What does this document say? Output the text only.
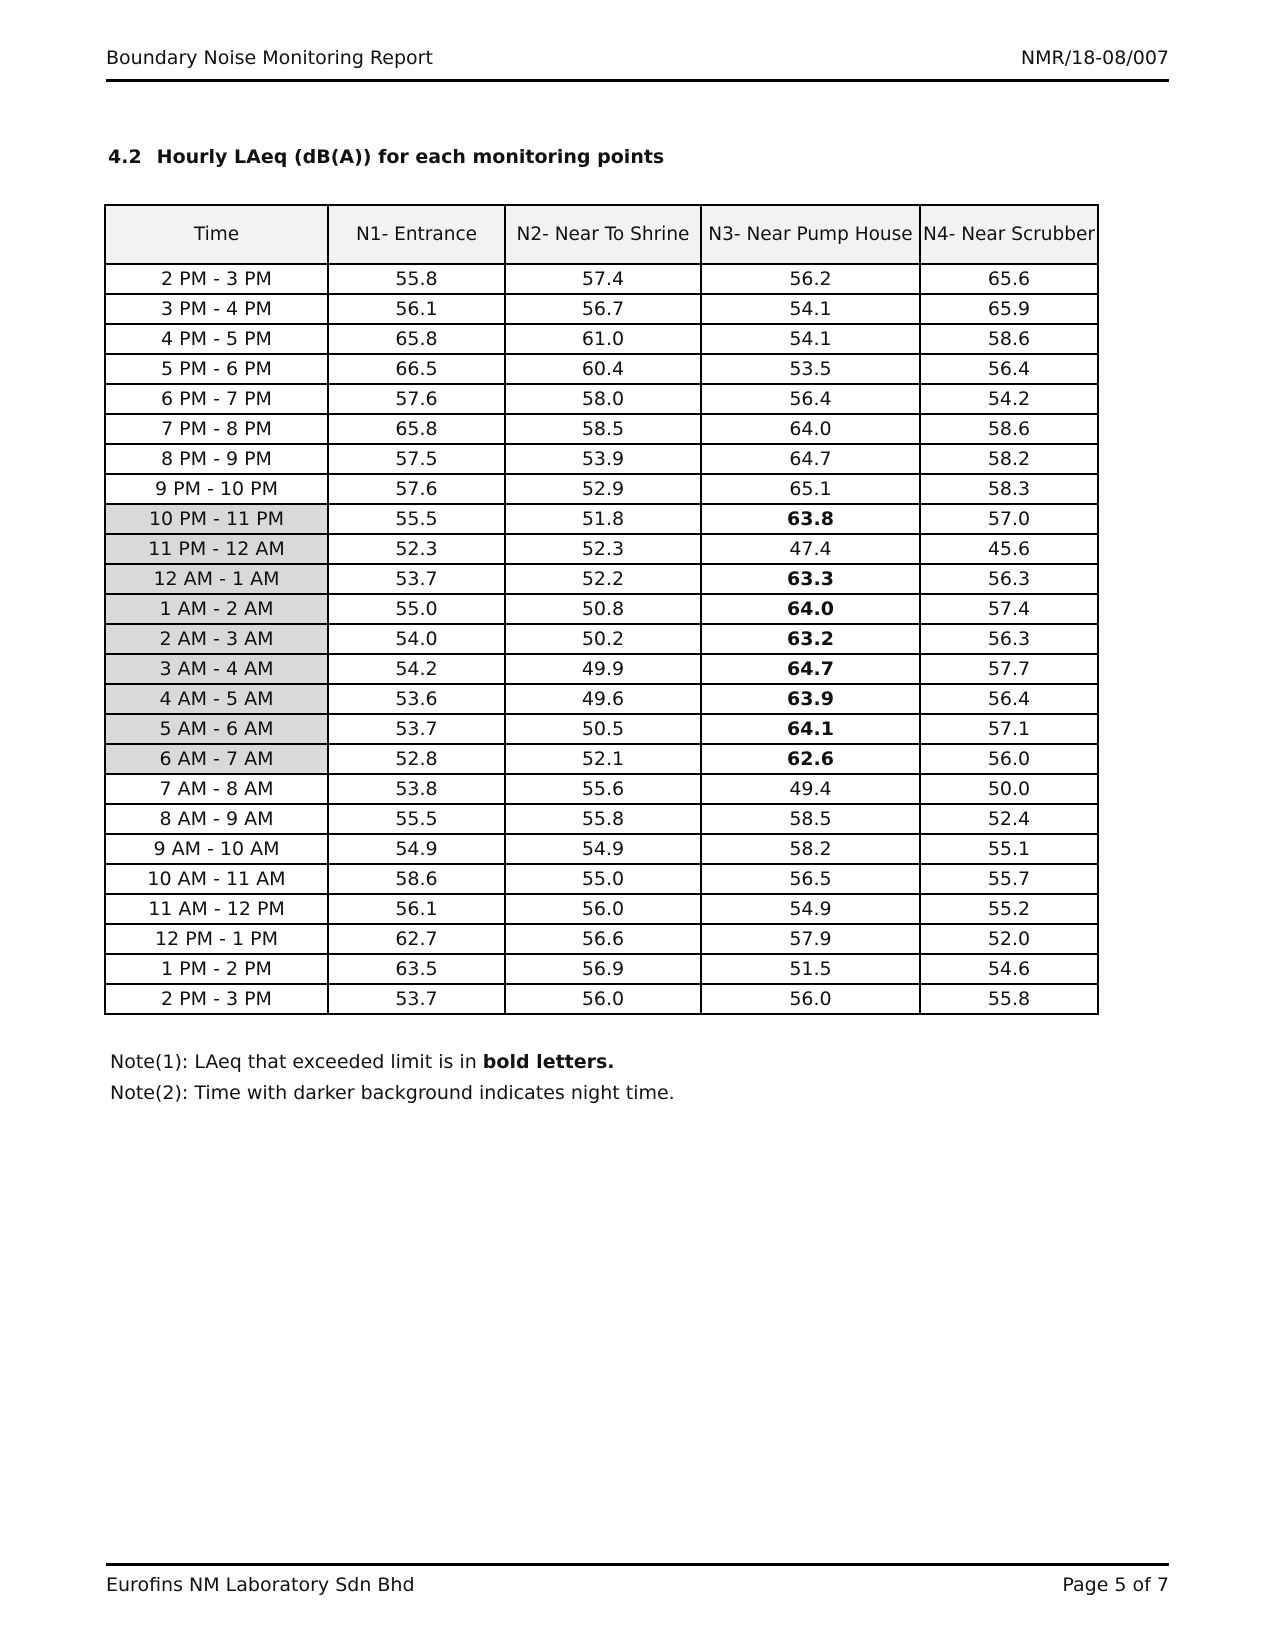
Boundary Noise Monitoring Report	NMR/18-08/007
4.2 Hourly LAeq (dB(A)) for each monitoring points
Time	N1- Entrance	N2- Near To Shrine	N3- Near Pump House	N4- Near Scrubber
2 PM - 3 PM	55.8	57.4	56.2	65.6
3 PM - 4 PM	56.1	56.7	54.1	65.9
4 PM - 5 PM	65.8	61.0	54.1	58.6
5 PM - 6 PM	66.5	60.4	53.5	56.4
6 PM - 7 PM	57.6	58.0	56.4	54.2
7 PM - 8 PM	65.8	58.5	64.0	58.6
8 PM - 9 PM	57.5	53.9	64.7	58.2
9 PM - 10 PM	57.6	52.9	65.1	58.3
10 PM - 11 PM	55.5	51.8	63.8	57.0
11 PM - 12 AM	52.3	52.3	47.4	45.6
12 AM - 1 AM	53.7	52.2	63.3	56.3
1 AM - 2 AM	55.0	50.8	64.0	57.4
2 AM - 3 AM	54.0	50.2	63.2	56.3
3 AM - 4 AM	54.2	49.9	64.7	57.7
4 AM - 5 AM	53.6	49.6	63.9	56.4
5 AM - 6 AM	53.7	50.5	64.1	57.1
6 AM - 7 AM	52.8	52.1	62.6	56.0
7 AM - 8 AM	53.8	55.6	49.4	50.0
8 AM - 9 AM	55.5	55.8	58.5	52.4
9 AM - 10 AM	54.9	54.9	58.2	55.1
10 AM - 11 AM	58.6	55.0	56.5	55.7
11 AM - 12 PM	56.1	56.0	54.9	55.2
12 PM - 1 PM	62.7	56.6	57.9	52.0
1 PM - 2 PM	63.5	56.9	51.5	54.6
2 PM - 3 PM	53.7	56.0	56.0	55.8
Note(1): LAeq that exceeded limit is in bold letters.
Note(2): Time with darker background indicates night time.
Eurofins NM Laboratory Sdn Bhd	Page 5 of 7
